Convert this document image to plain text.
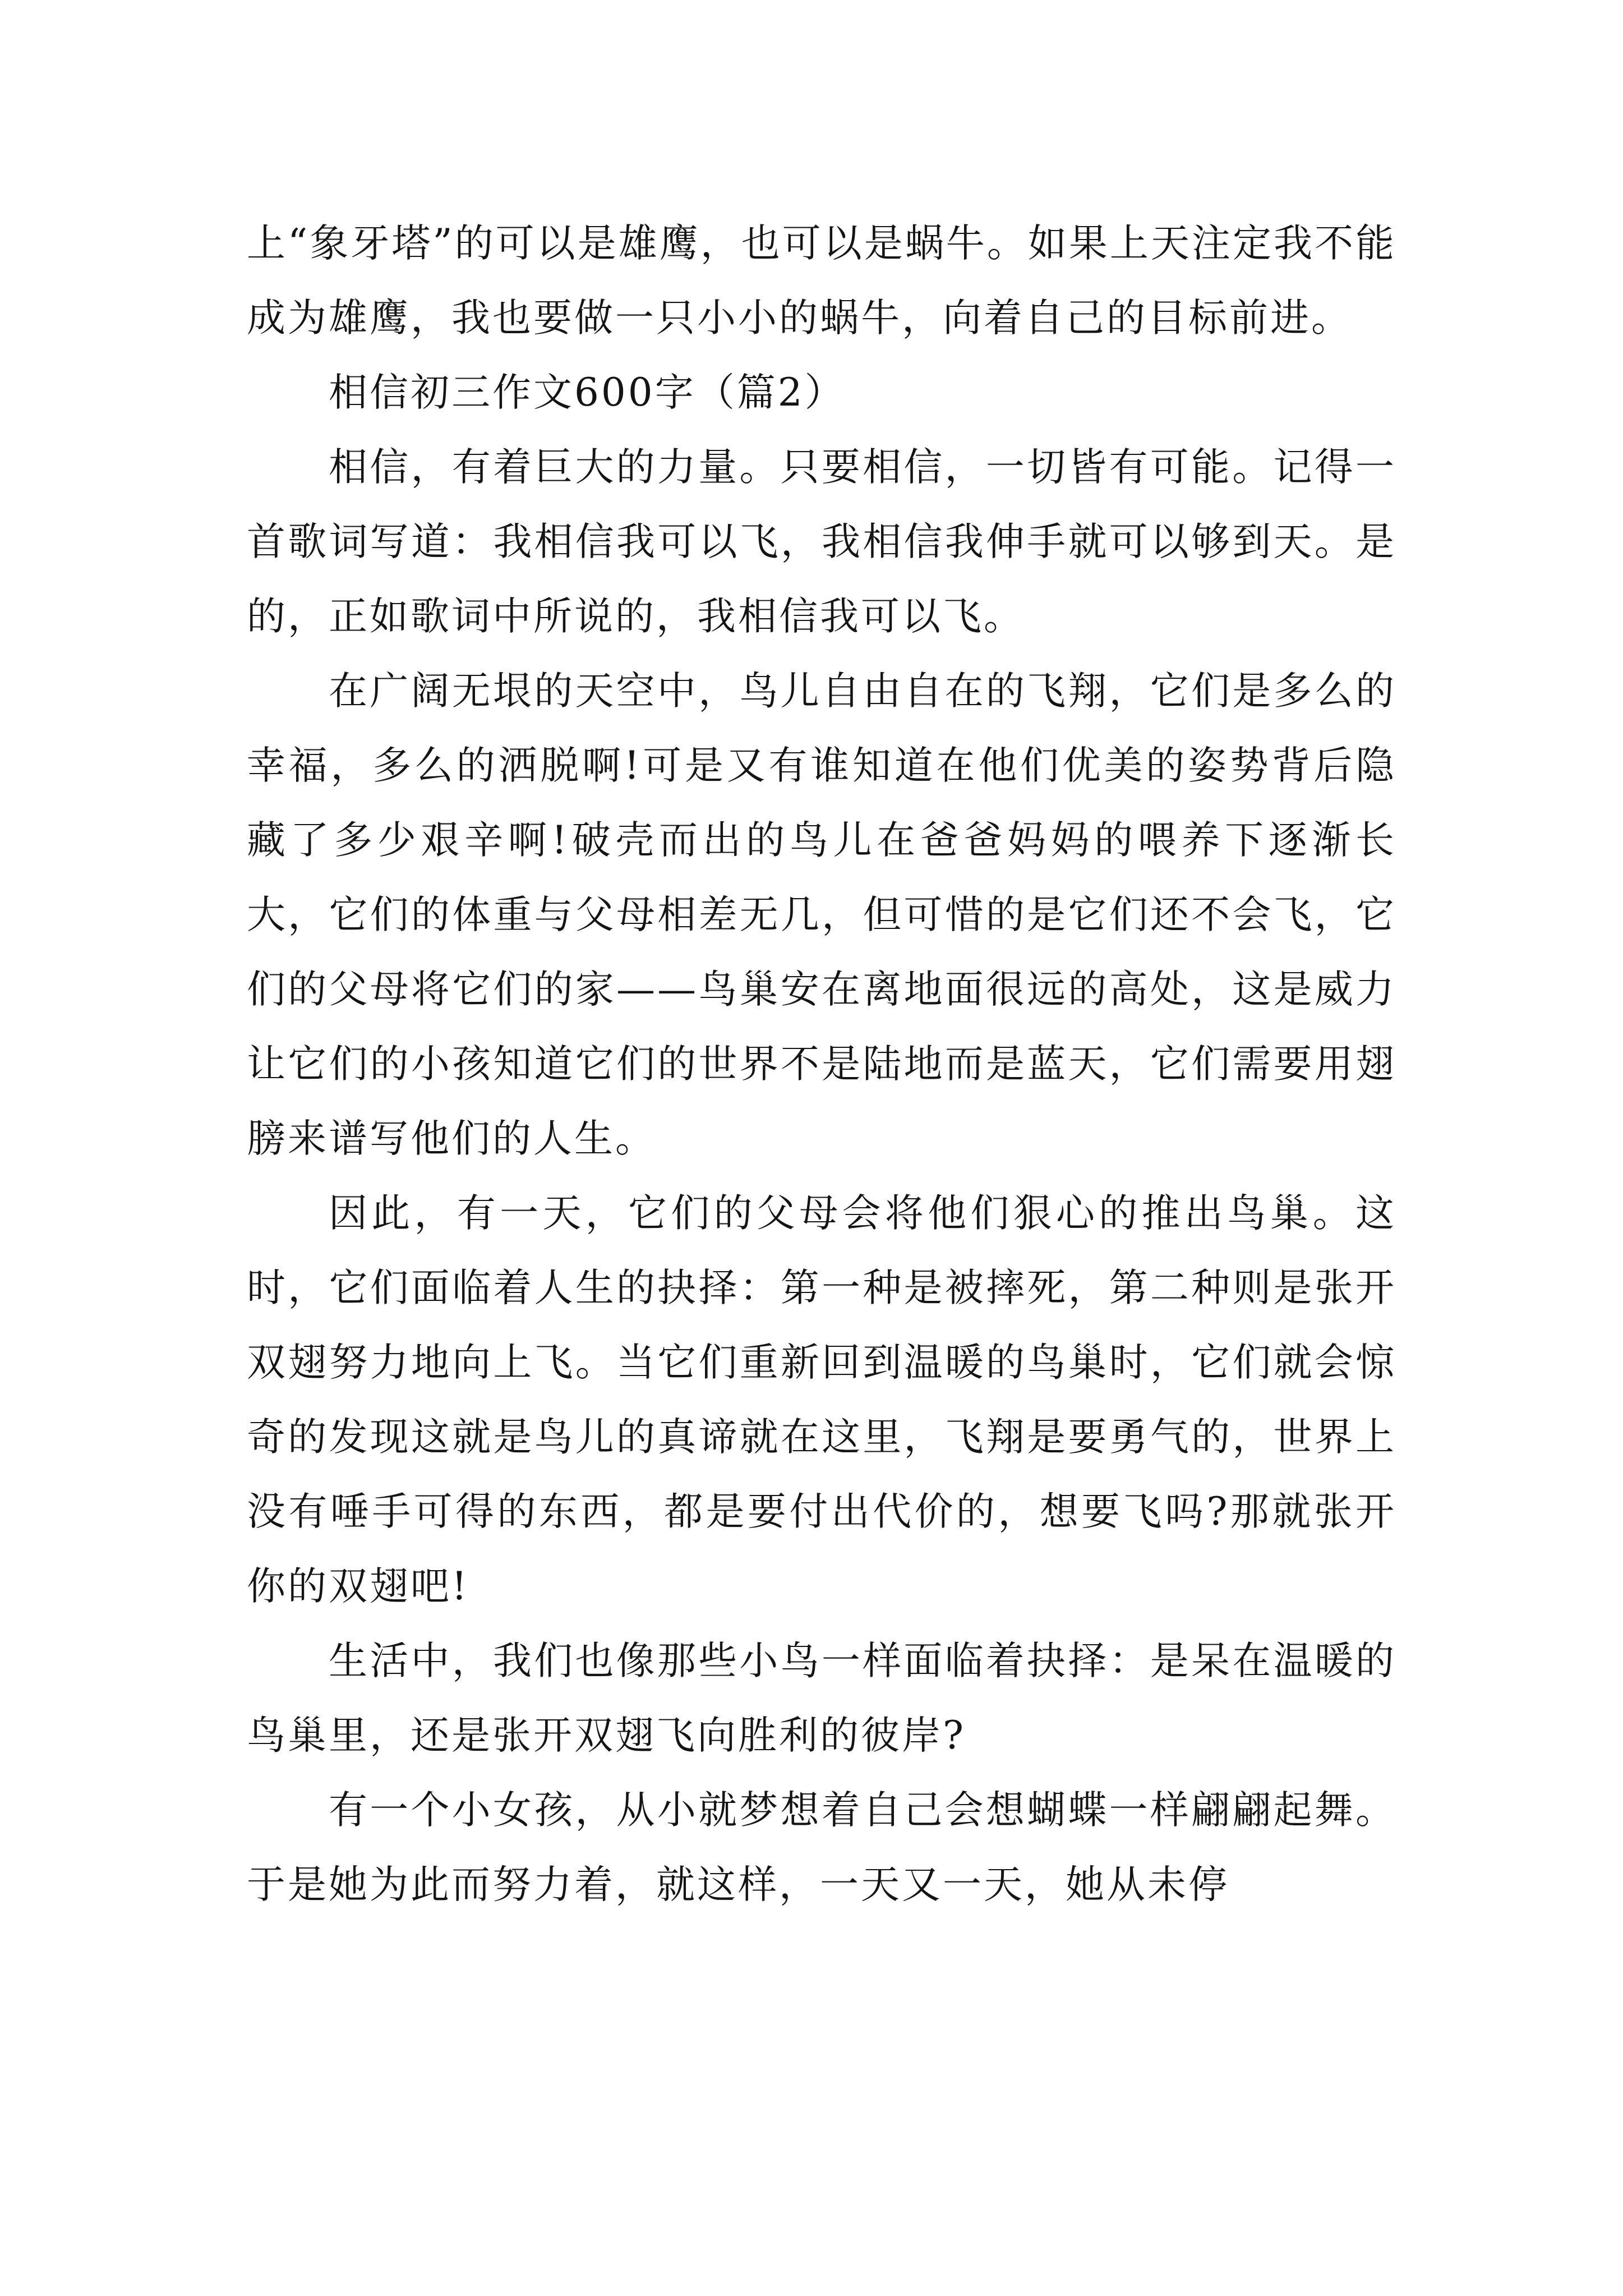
上“象牙塔”的可以是雄鹰，也可以是蜗牛。如果上天注定我不能成为雄鹰，我也要做一只小小的蜗牛，向着自己的目标前进。

相信初三作文600字（篇2）

相信，有着巨大的力量。只要相信，一切皆有可能。记得一首歌词写道：我相信我可以飞，我相信我伸手就可以够到天。是的，正如歌词中所说的，我相信我可以飞。

在广阔无垠的天空中，鸟儿自由自在的飞翔，它们是多么的幸福，多么的洒脱啊!可是又有谁知道在他们优美的姿势背后隐藏了多少艰辛啊!破壳而出的鸟儿在爸爸妈妈的喂养下逐渐长大，它们的体重与父母相差无几，但可惜的是它们还不会飞，它们的父母将它们的家——鸟巢安在离地面很远的高处，这是威力让它们的小孩知道它们的世界不是陆地而是蓝天，它们需要用翅膀来谱写他们的人生。

因此，有一天，它们的父母会将他们狠心的推出鸟巢。这时，它们面临着人生的抉择：第一种是被摔死，第二种则是张开双翅努力地向上飞。当它们重新回到温暖的鸟巢时，它们就会惊奇的发现这就是鸟儿的真谛就在这里，飞翔是要勇气的，世界上没有唾手可得的东西，都是要付出代价的，想要飞吗?那就张开你的双翅吧!

生活中，我们也像那些小鸟一样面临着抉择：是呆在温暖的鸟巢里，还是张开双翅飞向胜利的彼岸?

有一个小女孩，从小就梦想着自己会想蝴蝶一样翩翩起舞。于是她为此而努力着，就这样，一天又一天，她从未停
